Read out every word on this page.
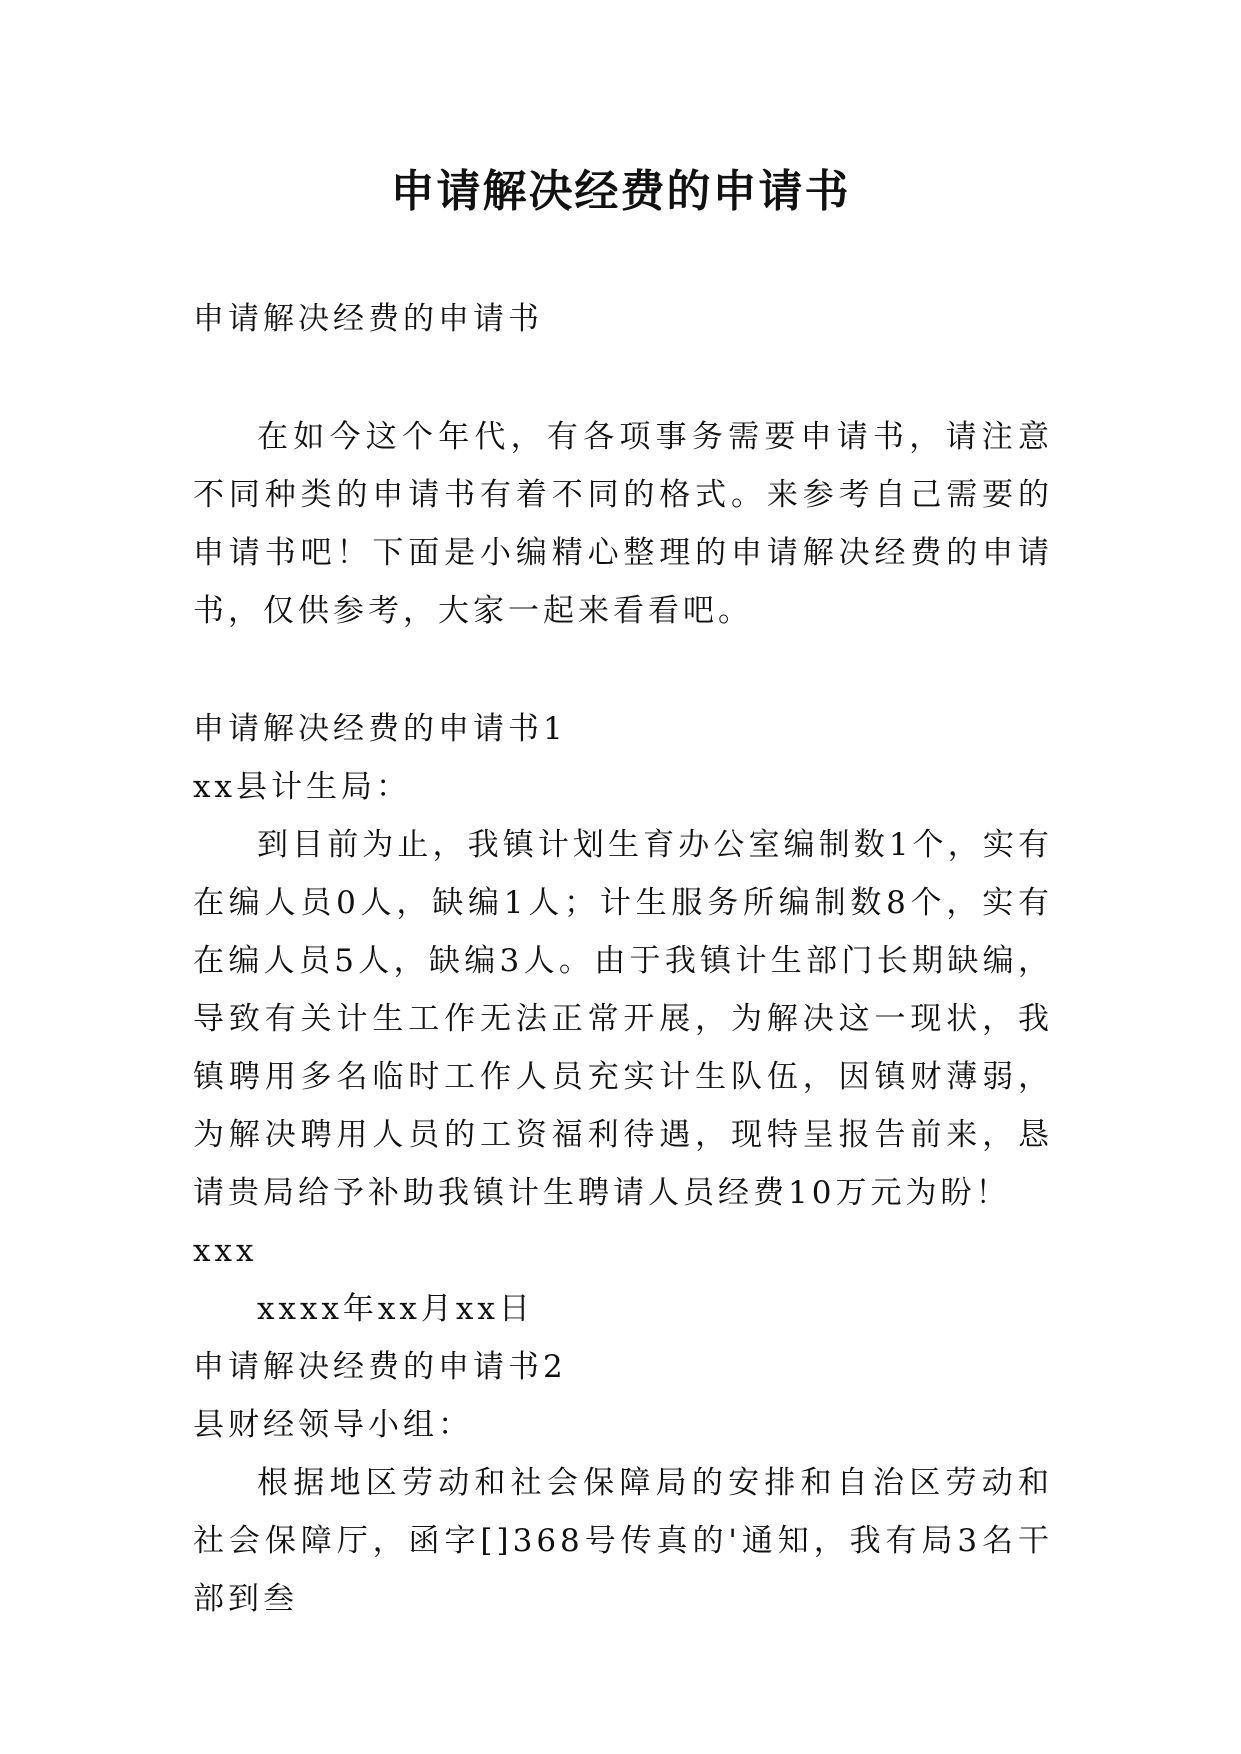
申请解决经费的申请书

申请解决经费的申请书

在如今这个年代，有各项事务需要申请书，请注意不同种类的申请书有着不同的格式。来参考自己需要的申请书吧！下面是小编精心整理的申请解决经费的申请书，仅供参考，大家一起来看看吧。

申请解决经费的申请书1

xx县计生局：

到目前为止，我镇计划生育办公室编制数1个，实有在编人员0人，缺编1人；计生服务所编制数8个，实有在编人员5人，缺编3人。由于我镇计生部门长期缺编，导致有关计生工作无法正常开展，为解决这一现状，我镇聘用多名临时工作人员充实计生队伍，因镇财薄弱，为解决聘用人员的工资福利待遇，现特呈报告前来，恳请贵局给予补助我镇计生聘请人员经费10万元为盼！

xxx

xxxx年xx月xx日

申请解决经费的申请书2

县财经领导小组：

根据地区劳动和社会保障局的安排和自治区劳动和社会保障厅，函字[]368号传真的'通知，我有局3名干部到叁
